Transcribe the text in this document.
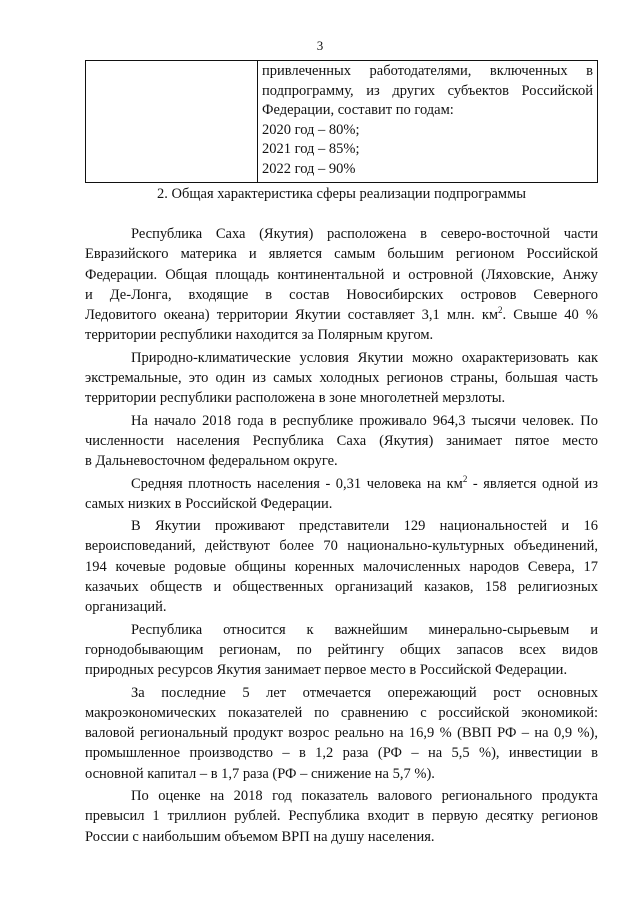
3

привлеченных работодателями, включенных в
подпрограмму, из других субъектов Российской
Федерации, составит по годам:
2020 год – 80%;
2021 год – 85%;
2022 год – 90%
2. Общая характеристика сферы реализации подпрограммы

Республика Саха (Якутия) расположена в северо-восточной части
Евразийского материка и является самым большим регионом Российской
Федерации. Общая площадь континентальной и островной (Ляховские, Анжу
и Де-Лонга, входящие в состав Новосибирских островов Северного
Ледовитого океана) территории Якутии составляет 3,1 млн. $км^2$. Свыше 40 %
территории республики находится за Полярным кругом.

Природно-климатические условия Якутии можно охарактеризовать как
экстремальные, это один из самых холодных регионов страны, большая часть
территории республики расположена в зоне многолетней мерзлоты.

На начало 2018 года в республике проживало 964,3 тысячи человек. По
численности населения Республика Саха (Якутия) занимает пятое место
в Дальневосточном федеральном округе.

Средняя плотность населения - 0,31 человека на $км^2$ - является одной из
самых низких в Российской Федерации.

В Якутии проживают представители 129 национальностей и 16
вероисповеданий, действуют более 70 национально-культурных объединений,
194 кочевые родовые общины коренных малочисленных народов Севера, 17
казачьих обществ и общественных организаций казаков, 158 религиозных
организаций.

Республика относится к важнейшим минерально-сырьевым и
горнодобывающим регионам, по рейтингу общих запасов всех видов
природных ресурсов Якутия занимает первое место в Российской Федерации.

За последние 5 лет отмечается опережающий рост основных
макроэкономических показателей по сравнению с российской экономикой:
валовой региональный продукт возрос реально на 16,9 % (ВВП РФ – на 0,9 %),
промышленное производство – в 1,2 раза (РФ – на 5,5 %), инвестиции в
основной капитал – в 1,7 раза (РФ – снижение на 5,7 %).

По оценке на 2018 год показатель валового регионального продукта
превысил 1 триллион рублей. Республика входит в первую десятку регионов
России с наибольшим объемом ВРП на душу населения.
